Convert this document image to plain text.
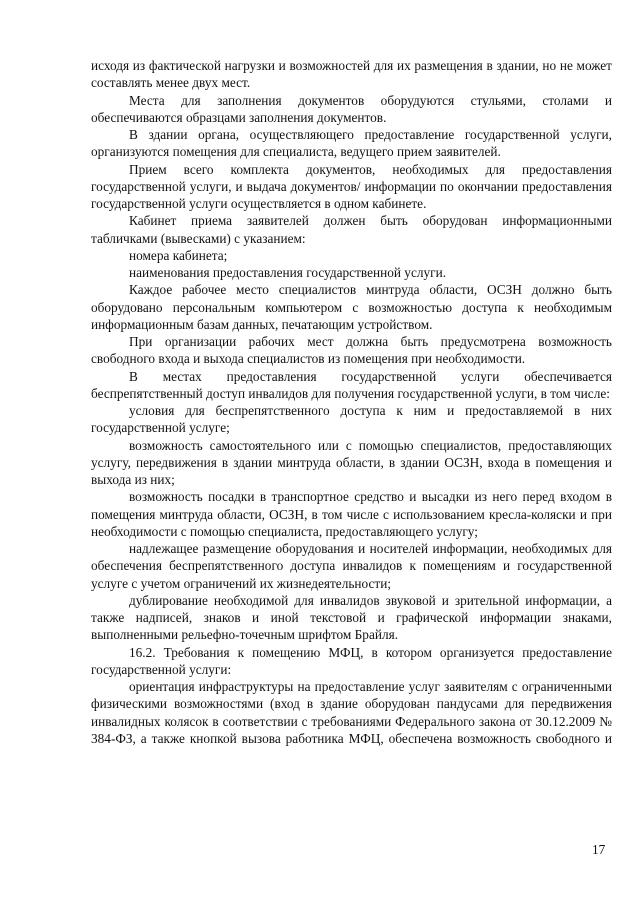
исходя из фактической нагрузки и возможностей для их размещения в здании, но не может составлять менее двух мест.

Места для заполнения документов оборудуются стульями, столами и обеспечиваются образцами заполнения документов.

В здании органа, осуществляющего предоставление государственной услуги, организуются помещения для специалиста, ведущего прием заявителей.

Прием всего комплекта документов, необходимых для предоставления государственной услуги, и выдача документов/ информации по окончании предоставления государственной услуги осуществляется в одном кабинете.

Кабинет приема заявителей должен быть оборудован информационными табличками (вывесками) с указанием:

номера кабинета;

наименования предоставления государственной услуги.

Каждое рабочее место специалистов минтруда области, ОСЗН должно быть оборудовано персональным компьютером с возможностью доступа к необходимым информационным базам данных, печатающим устройством.

При организации рабочих мест должна быть предусмотрена возможность свободного входа и выхода специалистов из помещения при необходимости.

В местах предоставления государственной услуги обеспечивается беспрепятственный доступ инвалидов для получения государственной услуги, в том числе:

условия для беспрепятственного доступа к ним и предоставляемой в них государственной услуге;

возможность самостоятельного или с помощью специалистов, предоставляющих услугу, передвижения в здании минтруда области, в здании ОСЗН, входа в помещения и выхода из них;

возможность посадки в транспортное средство и высадки из него перед входом в помещения минтруда области, ОСЗН, в том числе с использованием кресла-коляски и при необходимости с помощью специалиста, предоставляющего услугу;

надлежащее размещение оборудования и носителей информации, необходимых для обеспечения беспрепятственного доступа инвалидов к помещениям и государственной услуге с учетом ограничений их жизнедеятельности;

дублирование необходимой для инвалидов звуковой и зрительной информации, а также надписей, знаков и иной текстовой и графической информации знаками, выполненными рельефно-точечным шрифтом Брайля.

16.2. Требования к помещению МФЦ, в котором организуется предоставление государственной услуги:

ориентация инфраструктуры на предоставление услуг заявителям с ограниченными физическими возможностями (вход в здание оборудован пандусами для передвижения инвалидных колясок в соответствии с требованиями Федерального закона от 30.12.2009 № 384-ФЗ, а также кнопкой вызова работника МФЦ, обеспечена возможность свободного и

17
